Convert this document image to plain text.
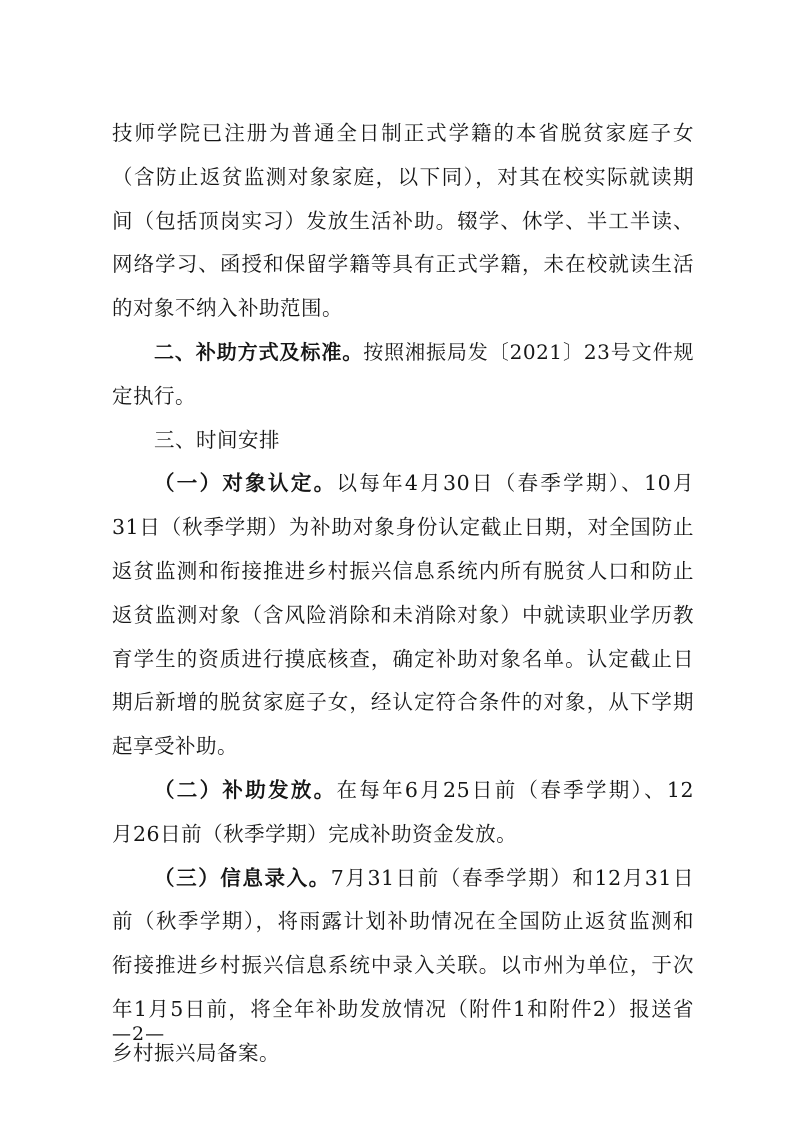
技师学院已注册为普通全日制正式学籍的本省脱贫家庭子女
（含防止返贫监测对象家庭，以下同），对其在校实际就读期
间（包括顶岗实习）发放生活补助。辍学、休学、半工半读、
网络学习、函授和保留学籍等具有正式学籍，未在校就读生活
的对象不纳入补助范围。
二、补助方式及标准。按照湘振局发〔2021〕23号文件规
定执行。
三、时间安排
（一）对象认定。以每年4月30日（春季学期）、10月
31日（秋季学期）为补助对象身份认定截止日期，对全国防止
返贫监测和衔接推进乡村振兴信息系统内所有脱贫人口和防止
返贫监测对象（含风险消除和未消除对象）中就读职业学历教
育学生的资质进行摸底核查，确定补助对象名单。认定截止日
期后新增的脱贫家庭子女，经认定符合条件的对象，从下学期
起享受补助。
（二）补助发放。在每年6月25日前（春季学期）、12
月26日前（秋季学期）完成补助资金发放。
（三）信息录入。7月31日前（春季学期）和12月31日
前（秋季学期），将雨露计划补助情况在全国防止返贫监测和
衔接推进乡村振兴信息系统中录入关联。以市州为单位，于次
年1月5日前，将全年补助发放情况（附件1和附件2）报送省
乡村振兴局备案。
—2—
